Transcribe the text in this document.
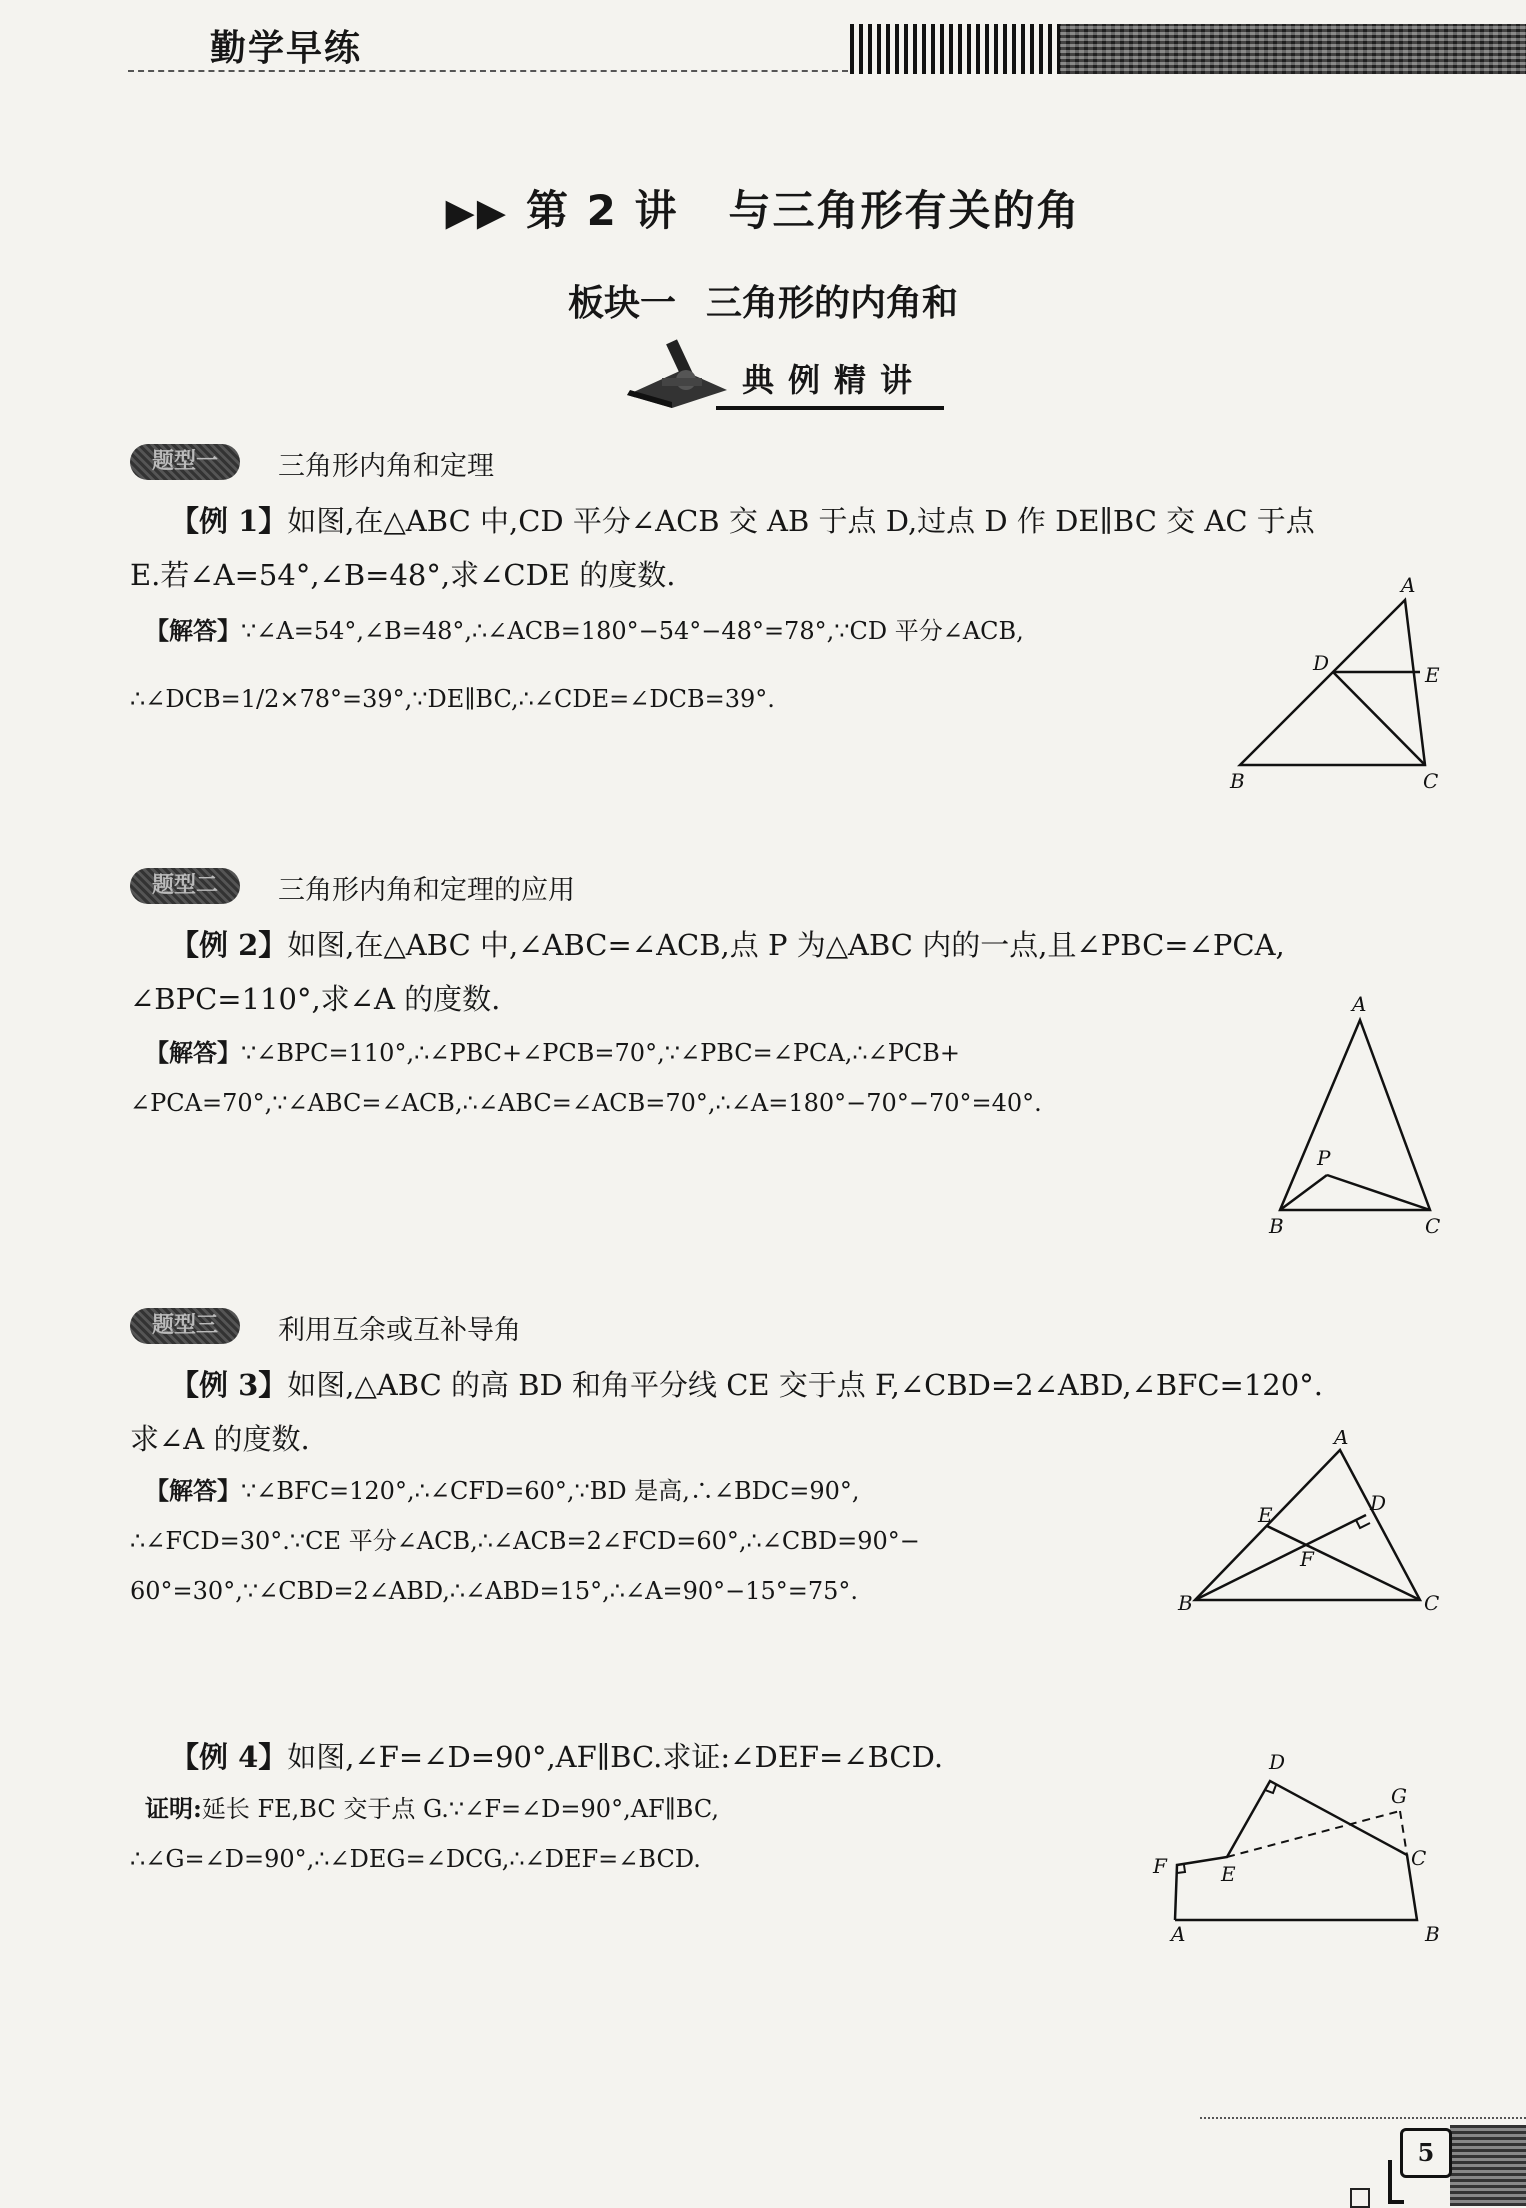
勤学早练
▶▶ 第 2 讲 与三角形有关的角
板块一 三角形的内角和
典例精讲
题型一	三角形内角和定理
【例 1】如图,在△ABC 中,CD 平分∠ACB 交 AB 于点 D,过点 D 作 DE∥BC 交 AC 于点
E.若∠A=54°,∠B=48°,求∠CDE 的度数.
【解答】∵∠A=54°,∠B=48°,∴∠ACB=180°−54°−48°=78°,∵CD 平分∠ACB,
∴∠DCB=1/2×78°=39°,∵DE∥BC,∴∠CDE=∠DCB=39°.
A
D	E
B	C
题型二	三角形内角和定理的应用
【例 2】如图,在△ABC 中,∠ABC=∠ACB,点 P 为△ABC 内的一点,且∠PBC=∠PCA,
∠BPC=110°,求∠A 的度数.
【解答】∵∠BPC=110°,∴∠PBC+∠PCB=70°,∵∠PBC=∠PCA,∴∠PCB+
∠PCA=70°,∵∠ABC=∠ACB,∴∠ABC=∠ACB=70°,∴∠A=180°−70°−70°=40°.
A
P
B	C
题型三	利用互余或互补导角
【例 3】如图,△ABC 的高 BD 和角平分线 CE 交于点 F,∠CBD=2∠ABD,∠BFC=120°.
求∠A 的度数.
【解答】∵∠BFC=120°,∴∠CFD=60°,∵BD 是高,∴∠BDC=90°,
∴∠FCD=30°.∵CE 平分∠ACB,∴∠ACB=2∠FCD=60°,∴∠CBD=90°−
60°=30°,∵∠CBD=2∠ABD,∴∠ABD=15°,∴∠A=90°−15°=75°.
A
D
E
F
B	C
【例 4】如图,∠F=∠D=90°,AF∥BC.求证:∠DEF=∠BCD.
证明:延长 FE,BC 交于点 G.∵∠F=∠D=90°,AF∥BC,
∴∠G=∠D=90°,∴∠DEG=∠DCG,∴∠DEF=∠BCD.
D
G
F	E
C
A	B
5
